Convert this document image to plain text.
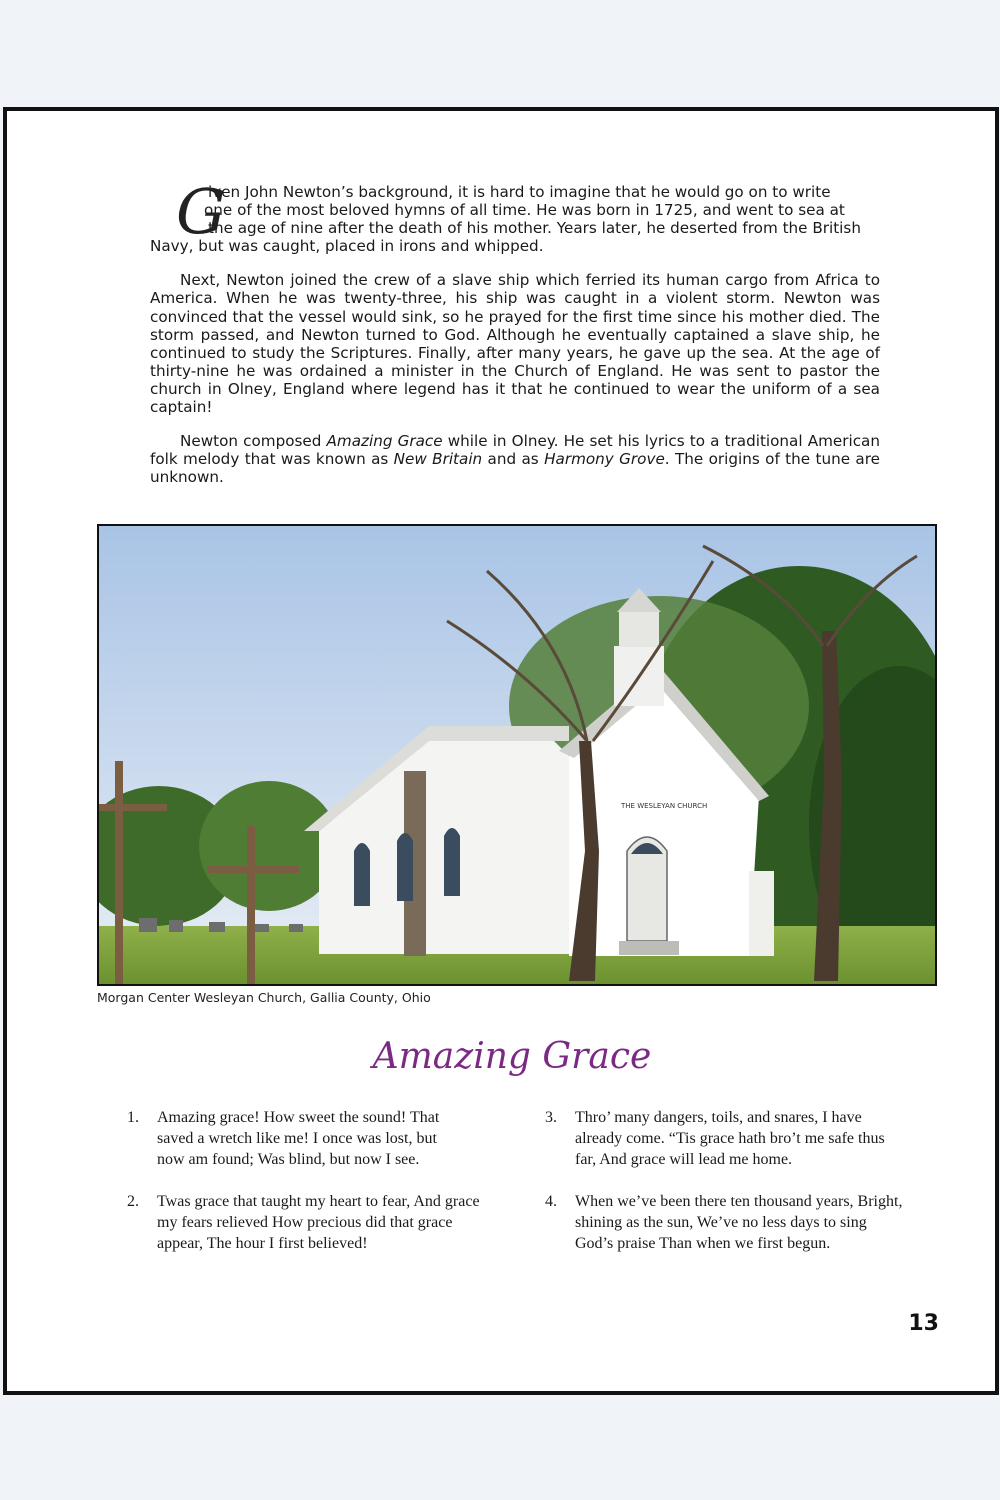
G
iven John Newton’s background, it is hard to imagine that he would go on to write
one of the most beloved hymns of all time. He was born in 1725, and went to sea at
the age of nine after the death of his mother. Years later, he deserted from the British
Navy, but was caught, placed in irons and whipped.

Next, Newton joined the crew of a slave ship which ferried its human cargo from Africa to America. When he was twenty-three, his ship was caught in a violent storm. Newton was convinced that the vessel would sink, so he prayed for the first time since his mother died. The storm passed, and Newton turned to God. Although he eventually captained a slave ship, he continued to study the Scriptures. Finally, after many years, he gave up the sea. At the age of thirty-nine he was ordained a minister in the Church of England. He was sent to pastor the church in Olney, England where legend has it that he continued to wear the uniform of a sea captain!

Newton composed Amazing Grace while in Olney. He set his lyrics to a traditional American folk melody that was known as New Britain and as Harmony Grove. The origins of the tune are unknown.

THE WESLEYAN CHURCH
Morgan Center Wesleyan Church, Gallia County, Ohio
Amazing Grace
1.	Amazing grace! How sweet the sound! That saved a wretch like me! I once was lost, but now am found; Was blind, but now I see.
2.	Twas grace that taught my heart to fear, And grace my fears relieved How precious did that grace appear, The hour I first believed!
3.	Thro’ many dangers, toils, and snares, I have already come. “Tis grace hath bro’t me safe thus far, And grace will lead me home.
4.	When we’ve been there ten thousand years, Bright, shining as the sun, We’ve no less days to sing God’s praise Than when we first begun.
13
